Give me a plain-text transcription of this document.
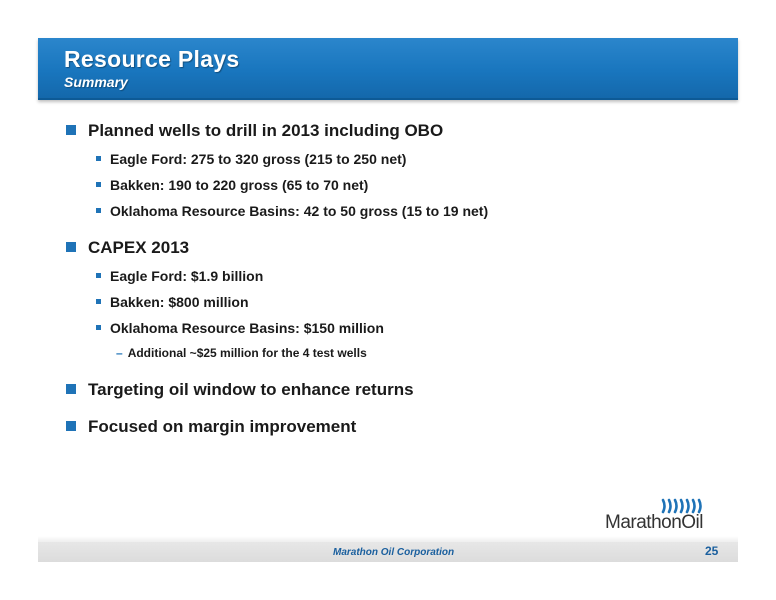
Resource Plays
Summary
Planned wells to drill in 2013 including OBO
Eagle Ford: 275 to 320 gross (215 to 250 net)
Bakken: 190 to 220 gross (65 to 70 net)
Oklahoma Resource Basins: 42 to 50 gross (15 to 19 net)
CAPEX 2013
Eagle Ford: $1.9 billion
Bakken: $800 million
Oklahoma Resource Basins: $150 million
– Additional ~$25 million for the 4 test wells
Targeting oil window to enhance returns
Focused on margin improvement
MarathonOil
Marathon Oil Corporation	25
